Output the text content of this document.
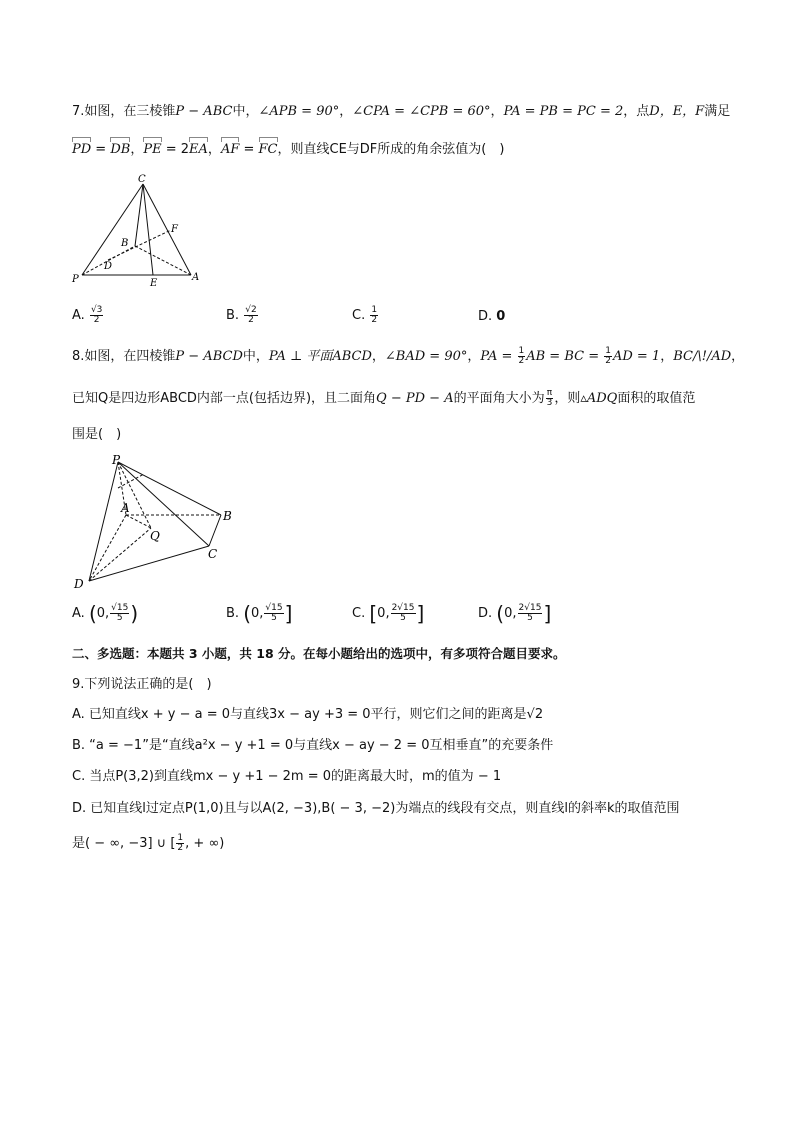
7.如图，在三棱锥P − ABC中，∠APB = 90°，∠CPA = ∠CPB = 60°，PA = PB = PC = 2，点D，E，F满足
PD = DB，PE = 2EA，AF = FC，则直线CE与DF所成的角余弦值为(　)
C
F
B
D
P	E
A
A. $\frac{√3}{2}$	B. $\frac{√2}{2}$	C. $\frac{1}{2}$	D. 0
8.如图，在四棱锥P − ABCD中，PA ⊥ 平面ABCD，∠BAD = 90°，PA = $\frac{1}{2}$ AB = BC = $\frac{1}{2}$ AD = 1，BC/\!/AD，
已知Q是四边形ABCD内部一点(包括边界)，且二面角Q − PD − A的平面角大小为 $\frac{\pi}{3}$ ，则▵ADQ面积的取值范
围是(　)
P
A
Q
B
C
D
A. (0, $\frac{√15}{5}$ )	B. (0, $\frac{√15}{5}$ ]	C. [0, $\frac{2√15}{5}$ ]	D. (0, $\frac{2√15}{5}$ ]
二、多选题：本题共 3 小题，共 18 分。在每小题给出的选项中，有多项符合题目要求。
9.下列说法正确的是(　)
A. 已知直线x + y − a = 0与直线3x − ay +3 = 0平行，则它们之间的距离是√2
B. “a = −1”是“直线a²x − y +1 = 0与直线x − ay − 2 = 0互相垂直”的充要条件
C. 当点P(3,2)到直线mx − y +1 − 2m = 0的距离最大时，m的值为 − 1
D. 已知直线l过定点P(1,0)且与以A(2, −3),B( − 3, −2)为端点的线段有交点，则直线l的斜率k的取值范围
是( − ∞, −3] ∪ [ $\frac{1}{2}$ , + ∞)
